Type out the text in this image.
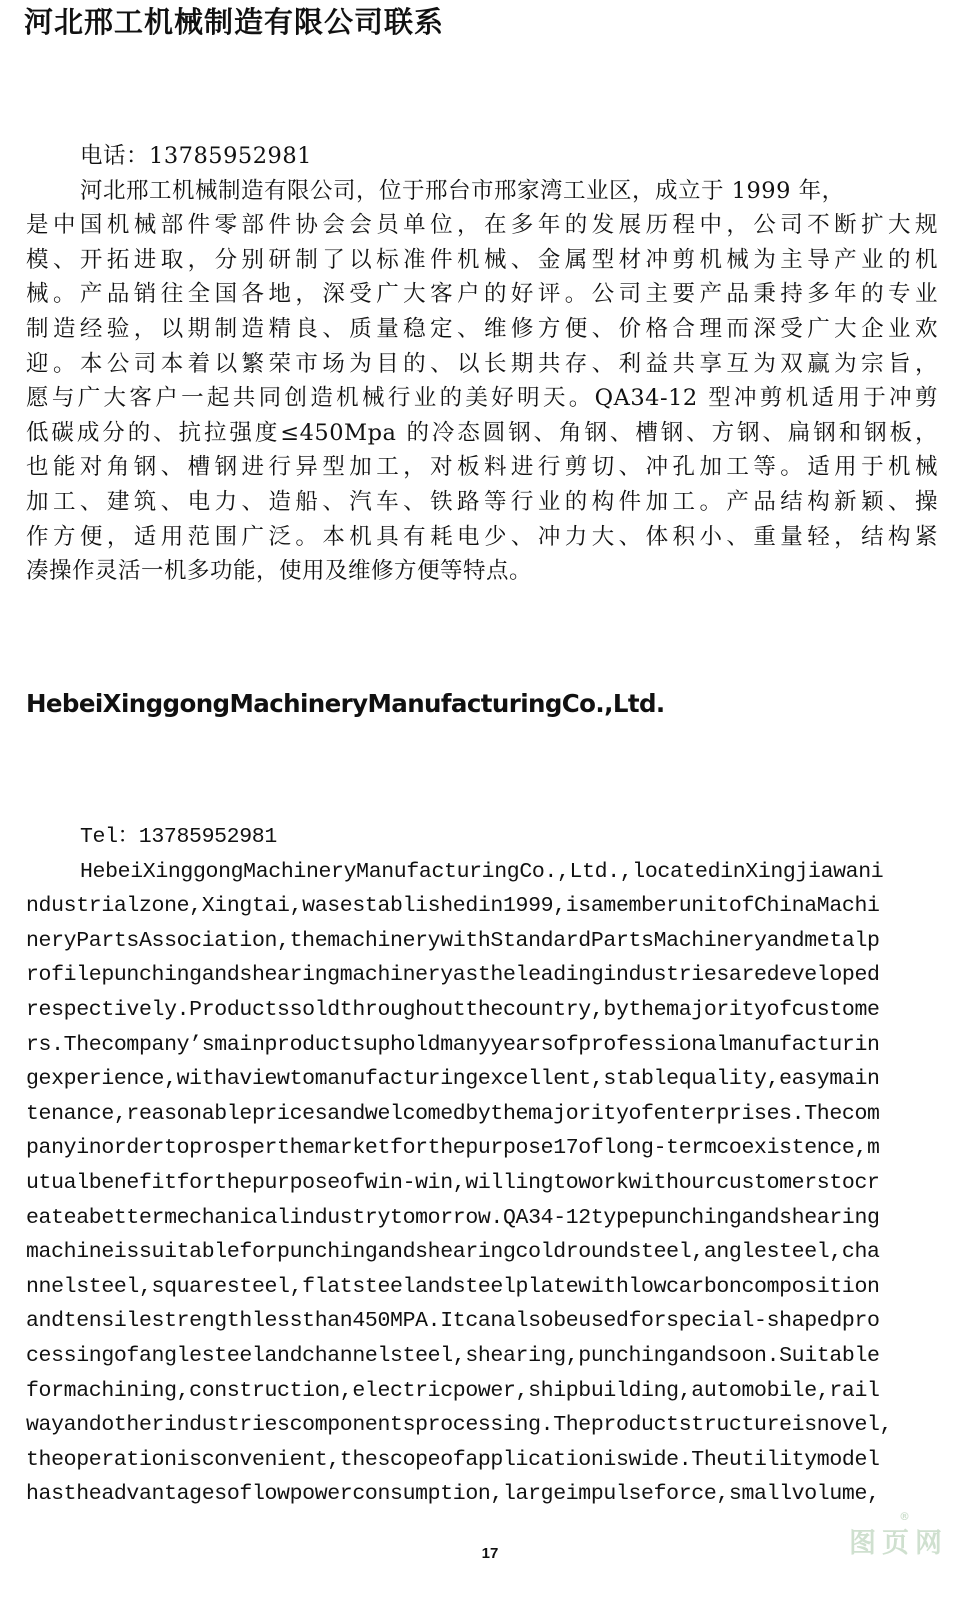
河北邢工机械制造有限公司联系
电话：13785952981
河北邢工机械制造有限公司，位于邢台市邢家湾工业区，成立于 1999 年，
是中国机械部件零部件协会会员单位，在多年的发展历程中，公司不断扩大规
模、开拓进取，分别研制了以标准件机械、金属型材冲剪机械为主导产业的机
械。产品销往全国各地，深受广大客户的好评。公司主要产品秉持多年的专业
制造经验，以期制造精良、质量稳定、维修方便、价格合理而深受广大企业欢
迎。本公司本着以繁荣市场为目的、以长期共存、利益共享互为双赢为宗旨，
愿与广大客户一起共同创造机械行业的美好明天。QA34-12 型冲剪机适用于冲剪
低碳成分的、抗拉强度≤450Mpa 的冷态圆钢、角钢、槽钢、方钢、扁钢和钢板，
也能对角钢、槽钢进行异型加工，对板料进行剪切、冲孔加工等。适用于机械
加工、建筑、电力、造船、汽车、铁路等行业的构件加工。产品结构新颖、操
作方便，适用范围广泛。本机具有耗电少、冲力大、体积小、重量轻，结构紧
凑操作灵活一机多功能，使用及维修方便等特点。
HebeiXinggongMachineryManufacturingCo.,Ltd.
Tel：13785952981
HebeiXinggongMachineryManufacturingCo.,Ltd.,locatedinXingjiawani
ndustrialzone,Xingtai,wasestablishedin1999,isamemberunitofChinaMachi
neryPartsAssociation,themachinerywithStandardPartsMachineryandmetalp
rofilepunchingandshearingmachineryastheleadingindustriesaredeveloped
respectively.Productssoldthroughoutthecountry,bythemajorityofcustome
rs.Thecompany’smainproductsupholdmanyyearsofprofessionalmanufacturin
gexperience,withaviewtomanufacturingexcellent,stablequality,easymain
tenance,reasonablepricesandwelcomedbythemajorityofenterprises.Thecom
panyinordertoprosperthemarketforthepurpose17oflong-termcoexistence,m
utualbenefitforthepurposeofwin-win,willingtoworkwithourcustomerstocr
eateabettermechanicalindustrytomorrow.QA34-12typepunchingandshearing
machineissuitableforpunchingandshearingcoldroundsteel,anglesteel,cha
nnelsteel,squaresteel,flatsteelandsteelplatewithlowcarboncomposition
andtensilestrengthlessthan450MPA.Itcanalsobeusedforspecial-shapedpro
cessingofanglesteelandchannelsteel,shearing,punchingandsoon.Suitable
formachining,construction,electricpower,shipbuilding,automobile,rail
wayandotherindustriescomponentsprocessing.Theproductstructureisnovel,
theoperationisconvenient,thescopeofapplicationiswide.Theutilitymodel
hastheadvantagesoflowpowerconsumption,largeimpulseforce,smallvolume,
17	图页网
®
